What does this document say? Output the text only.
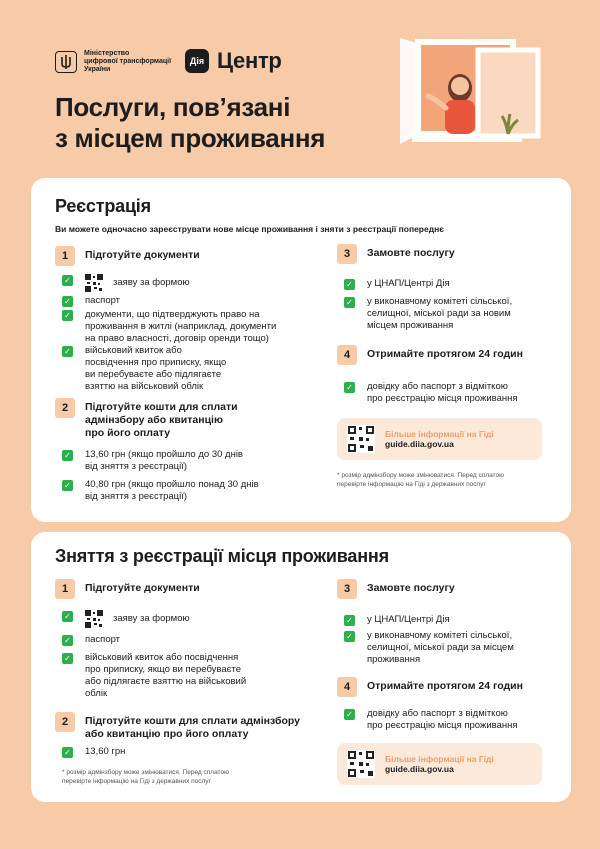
Міністерство
цифрової трансформації
України
Дія Центр
Послуги, пов’язані
з місцем проживання
Реєстрація
Ви можете одночасно зареєструвати нове місце проживання і зняти з реєстрації попереднє
1	Підготуйте документи
✓	заяву за формою
✓ паспорт
✓ документи, що підтверджують право на
проживання в житлі (наприклад, документи
на право власності, договір оренди тощо)
✓ військовий квиток або
посвідчення про приписку, якщо
ви перебуваєте або підлягаєте
взяттю на військовий облік
2	Підготуйте кошти для сплати
адмінзбору або квитанцію
про його оплату
✓ 13,60 грн (якщо пройшло до 30 днів
від зняття з реєстрації)
✓ 40,80 грн (якщо пройшло понад 30 днів
від зняття з реєстрації)
3	Замовте послугу
✓ у ЦНАП/Центрі Дія
✓ у виконавчому комітеті сільської,
селищної, міської ради за новим
місцем проживання
4	Отримайте протягом 24 годин
✓ довідку або паспорт з відміткою
про реєстрацію місця проживання
Більше інформації на Гіді
guide.diia.gov.ua
* розмір адмінзбору може змінюватися. Перед сплатою
перевірте інформацію на Гіді з державних послуг
Зняття з реєстрації місця проживання
1	Підготуйте документи
✓	заяву за формою
✓ паспорт
✓ військовий квиток або посвідчення
про приписку, якщо ви перебуваєте
або підлягаєте взяттю на військовий
облік
2	Підготуйте кошти для сплати адмінзбору
або квитанцію про його оплату
✓ 13,60 грн
* розмір адмінзбору може змінюватися. Перед сплатою
перевірте інформацію на Гіді з державних послуг
3	Замовте послугу
✓ у ЦНАП/Центрі Дія
✓ у виконавчому комітеті сільської,
селищної, міської ради за місцем
проживання
4	Отримайте протягом 24 годин
✓ довідку або паспорт з відміткою
про реєстрацію місця проживання
Більше інформації на Гіді
guide.diia.gov.ua
